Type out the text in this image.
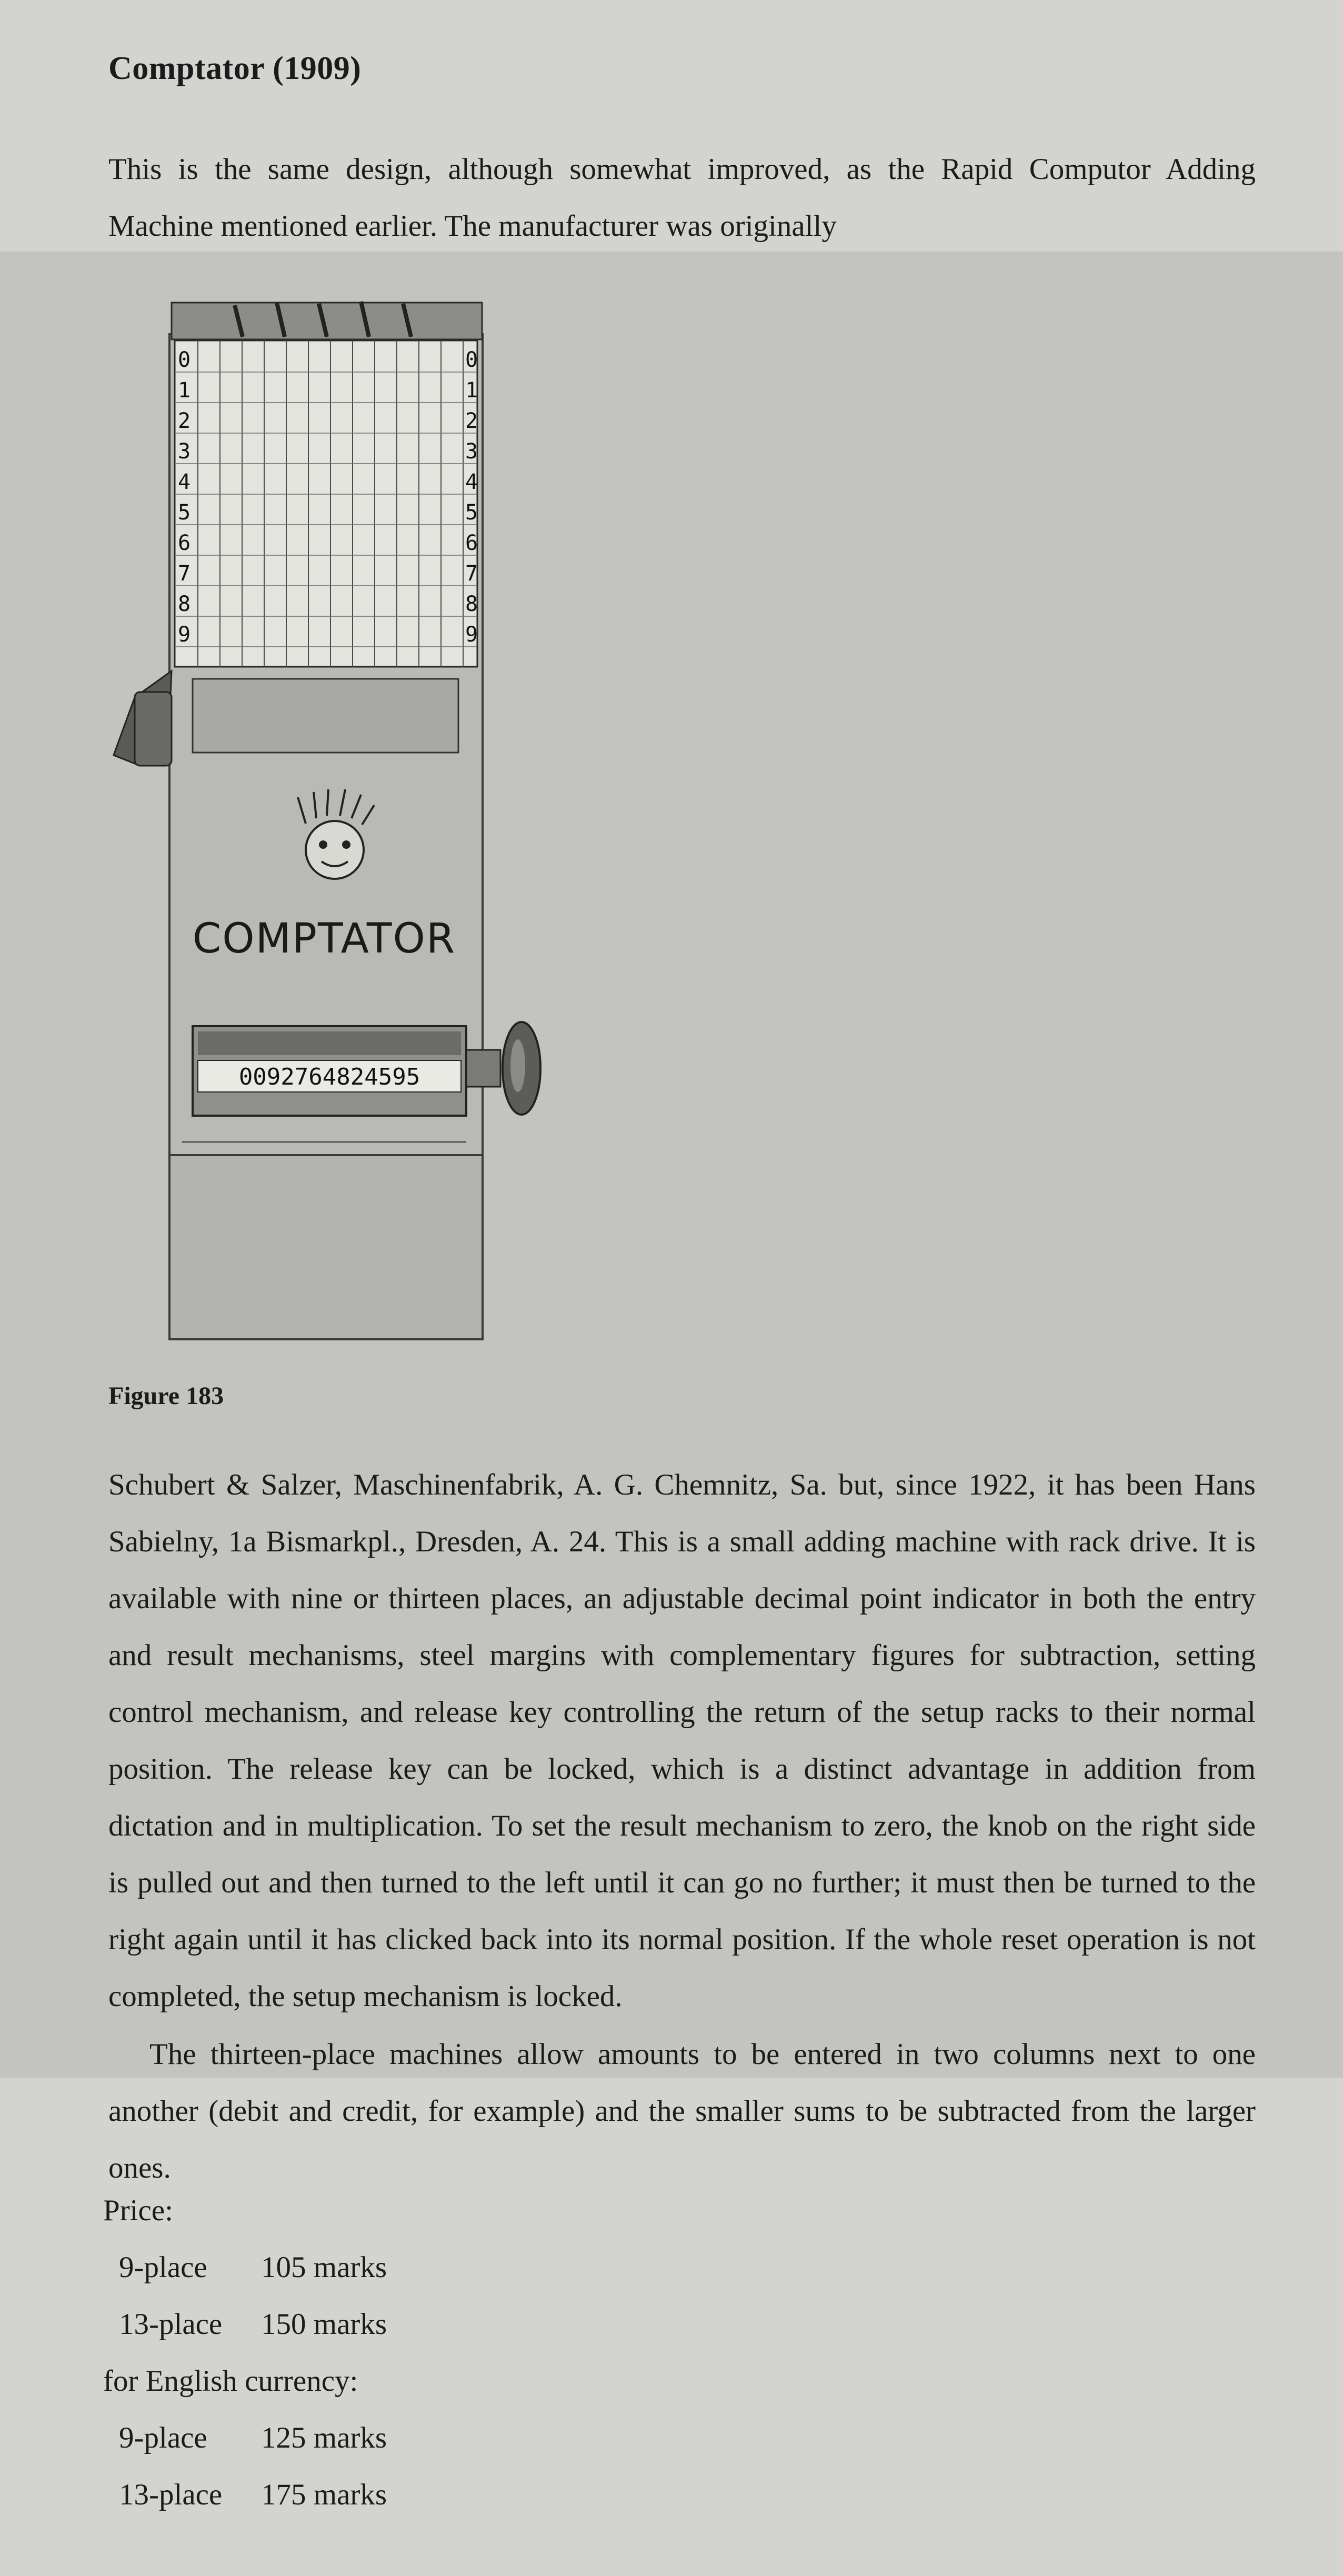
Comptator (1909)

This is the same design, although somewhat improved, as the Rapid Computor Adding Machine mentioned earlier. The manufacturer was originally

0
1
2
3
4
5
6
7
8
9
0
1
2
3
4
5
6
7
8
9
COMPTATOR
0092764824595

Figure 183

Schubert & Salzer, Maschinenfabrik, A. G. Chemnitz, Sa. but, since 1922, it has been Hans Sabielny, 1a Bismarkpl., Dresden, A. 24. This is a small adding machine with rack drive. It is available with nine or thirteen places, an adjustable decimal point indicator in both the entry and result mechanisms, steel margins with complementary figures for subtraction, setting control mechanism, and release key controlling the return of the setup racks to their normal position. The release key can be locked, which is a distinct advantage in addition from dictation and in multiplication. To set the result mechanism to zero, the knob on the right side is pulled out and then turned to the left until it can go no further; it must then be turned to the right again until it has clicked back into its normal position. If the whole reset operation is not completed, the setup mechanism is locked.

The thirteen-place machines allow amounts to be entered in two columns next to one another (debit and credit, for example) and the smaller sums to be subtracted from the larger ones.

Price:
9-place 105 marks
13-place 150 marks
for English currency:
9-place 125 marks
13-place 175 marks
